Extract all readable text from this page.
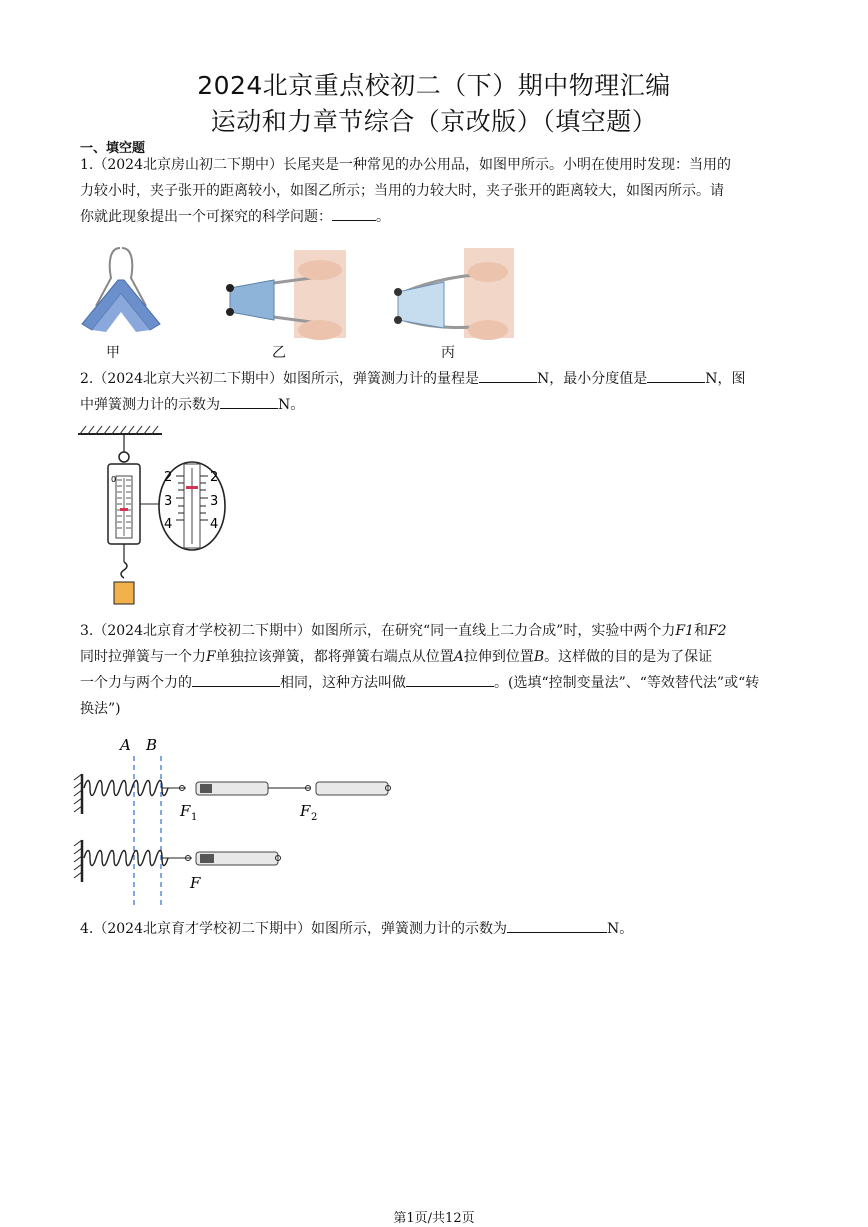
2024北京重点校初二（下）期中物理汇编
运动和力章节综合（京改版）（填空题）
一、填空题
1.（2024北京房山初二下期中）长尾夹是一种常见的办公用品，如图甲所示。小明在使用时发现：当用的
力较小时，夹子张开的距离较小，如图乙所示；当用的力较大时，夹子张开的距离较大，如图丙所示。请
你就此现象提出一个可探究的科学问题：	。
甲	乙	丙
2.（2024北京大兴初二下期中）如图所示，弹簧测力计的量程是	N，最小分度值是	N，图
中弹簧测力计的示数为	N。
0	2
3
4
2
3
4
3.（2024北京育才学校初二下期中）如图所示，在研究“同一直线上二力合成”时，实验中两个力F1和F2
同时拉弹簧与一个力F单独拉该弹簧，都将弹簧右端点从位置A拉伸到位置B。这样做的目的是为了保证
一个力与两个力的	相同，这种方法叫做	。(选填“控制变量法”、“等效替代法”或“转
换法”)
A B
F 1	F 2
F
4.（2024北京育才学校初二下期中）如图所示，弹簧测力计的示数为	N。
第1页/共12页
